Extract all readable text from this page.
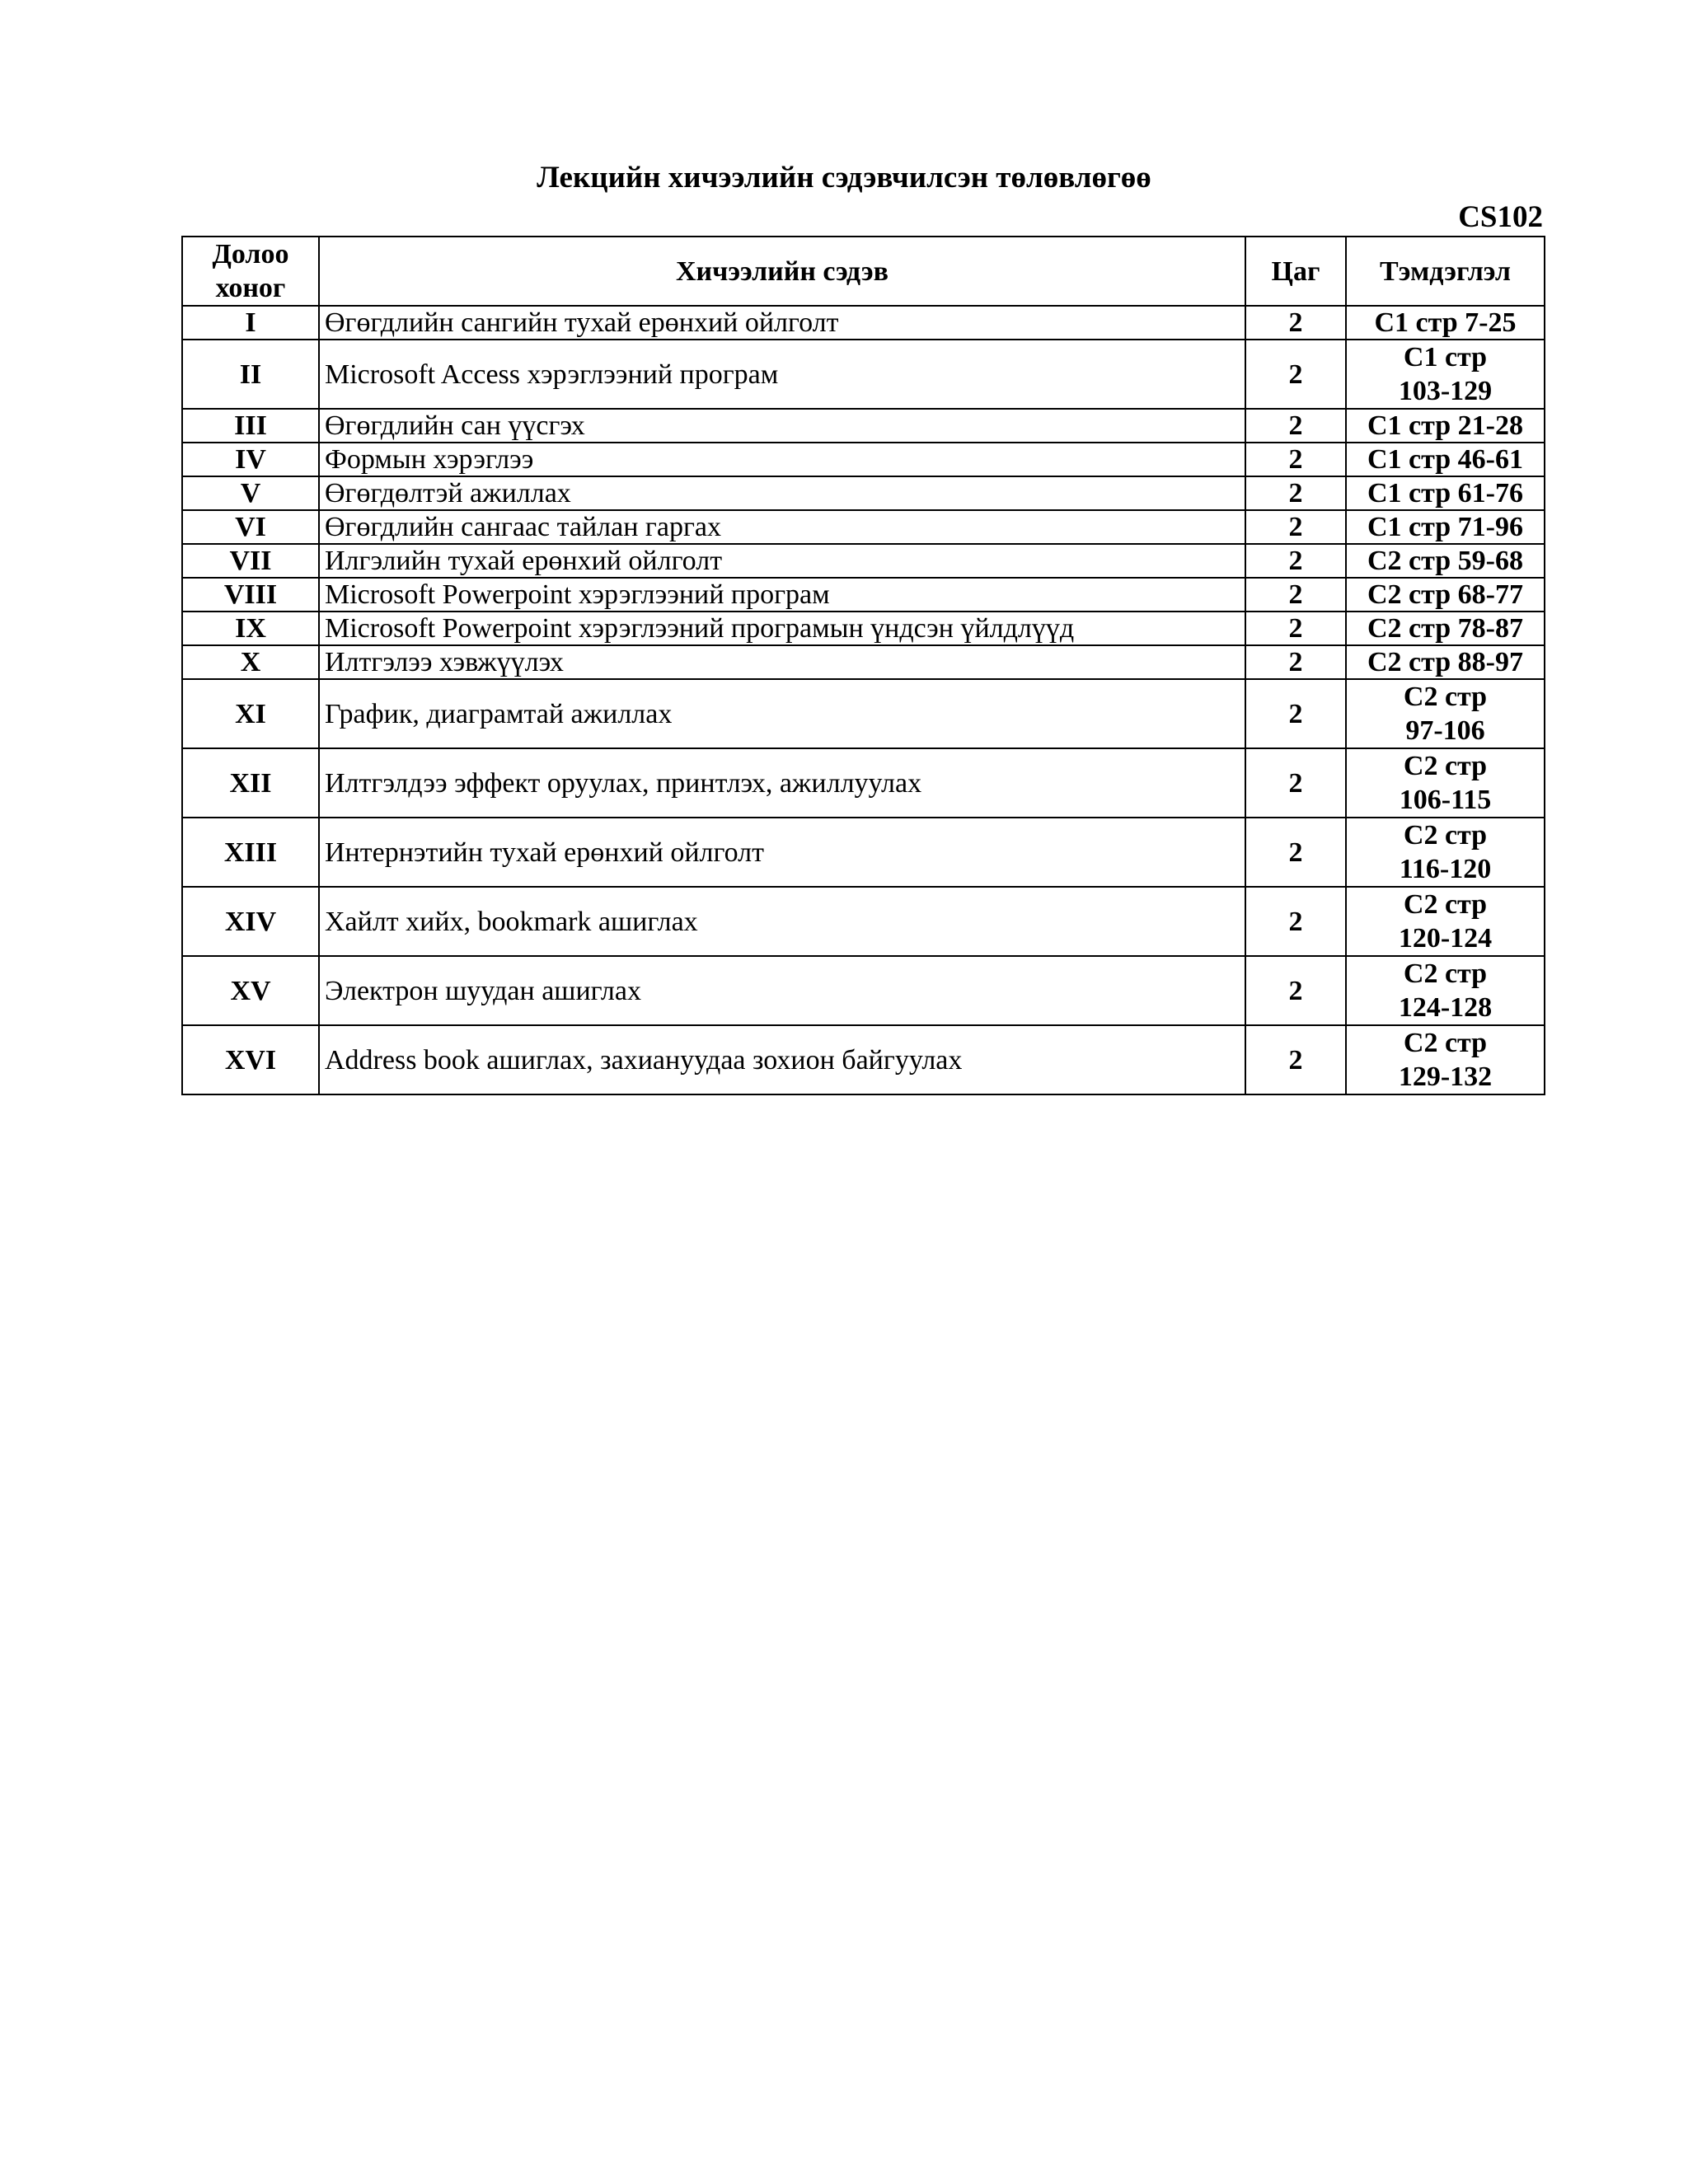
Лекцийн хичээлийн сэдэвчилсэн төлөвлөгөө
CS102
Долоо
хоног	Хичээлийн сэдэв	Цаг	Тэмдэглэл
I	Өгөгдлийн сангийн тухай ерөнхий ойлголт	2	С1 стр 7-25

II	Microsoft Access хэрэглээний програм	2	С1 стр
103-129

III	Өгөгдлийн сан үүсгэх	2	С1 стр 21-28

IV	Формын хэрэглээ	2	С1 стр 46-61

V	Өгөгдөлтэй ажиллах	2	С1 стр 61-76

VI	Өгөгдлийн сангаас тайлан гаргах	2	С1 стр 71-96

VII	Илгэлийн тухай ерөнхий ойлголт	2	С2 стр 59-68

VIII	Microsoft Powerpoint хэрэглээний програм	2	С2 стр 68-77

IX	Microsoft Powerpoint хэрэглээний програмын үндсэн үйлдлүүд	2	С2 стр 78-87

X	Илтгэлээ хэвжүүлэх	2	С2 стр 88-97

XI	График, диаграмтай ажиллах	2	С2 стр
97-106

XII	Илтгэлдээ эффект оруулах, принтлэх, ажиллуулах	2	С2 стр
106-115

XIII	Интернэтийн тухай ерөнхий ойлголт	2	С2 стр
116-120

XIV	Хайлт хийх, bookmark ашиглах	2	С2 стр
120-124

XV	Электрон шуудан ашиглах	2	С2 стр
124-128

XVI	Address book ашиглах, захиануудаа зохион байгуулах	2	С2 стр
129-132
